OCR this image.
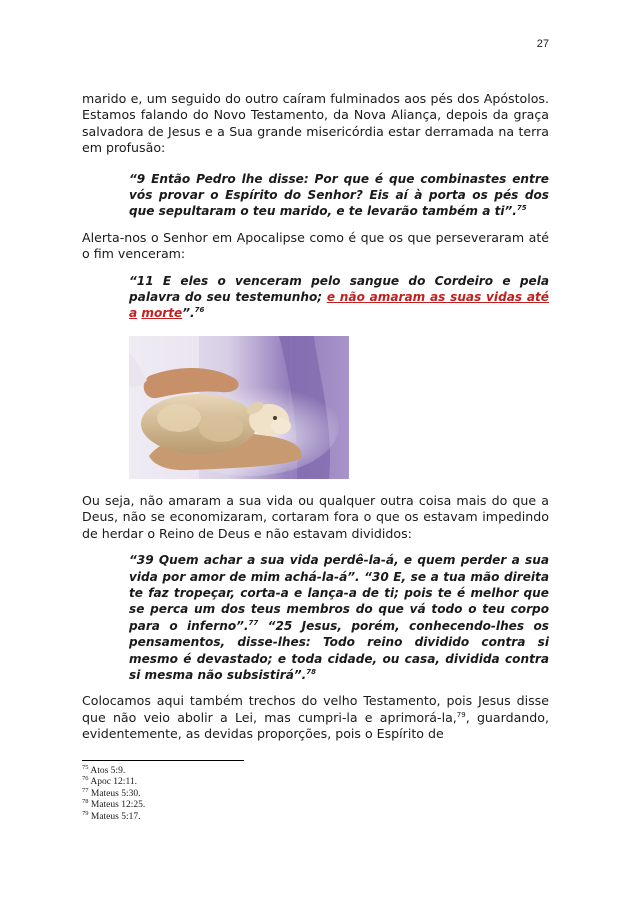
27

marido e, um seguido do outro caíram fulminados aos pés dos Apóstolos. Estamos falando do Novo Testamento, da Nova Aliança, depois da graça salvadora de Jesus e a Sua grande misericórdia estar derramada na terra em profusão:

“9 Então Pedro lhe disse: Por que é que combinastes entre vós provar o Espírito do Senhor? Eis aí à porta os pés dos que sepultaram o teu marido, e te levarão também a ti”.$^{75}$

Alerta-nos o Senhor em Apocalipse como é que os que perseveraram até o fim venceram:

“11 E eles o venceram pelo sangue do Cordeiro e pela palavra do seu testemunho; e não amaram as suas vidas até a morte”.$^{76}$

Ou seja, não amaram a sua vida ou qualquer outra coisa mais do que a Deus, não se economizaram, cortaram fora o que os estavam impedindo de herdar o Reino de Deus e não estavam divididos:

“39 Quem achar a sua vida perdê-la-á, e quem perder a sua vida por amor de mim achá-la-á”. “30 E, se a tua mão direita te faz tropeçar, corta-a e lança-a de ti; pois te é melhor que se perca um dos teus membros do que vá todo o teu corpo para o inferno”.$^{77}$ “25 Jesus, porém, conhecendo-lhes os pensamentos, disse-lhes: Todo reino dividido contra si mesmo é devastado; e toda cidade, ou casa, dividida contra si mesma não subsistirá”.$^{78}$

Colocamos aqui também trechos do velho Testamento, pois Jesus disse que não veio abolir a Lei, mas cumpri-la e aprimorá-la,$^{79}$, guardando, evidentemente, as devidas proporções, pois o Espírito de

$^{75}$ Atos 5:9.
$^{76}$ Apoc 12:11.
$^{77}$ Mateus 5:30.
$^{78}$ Mateus 12:25.
$^{79}$ Mateus 5:17.
